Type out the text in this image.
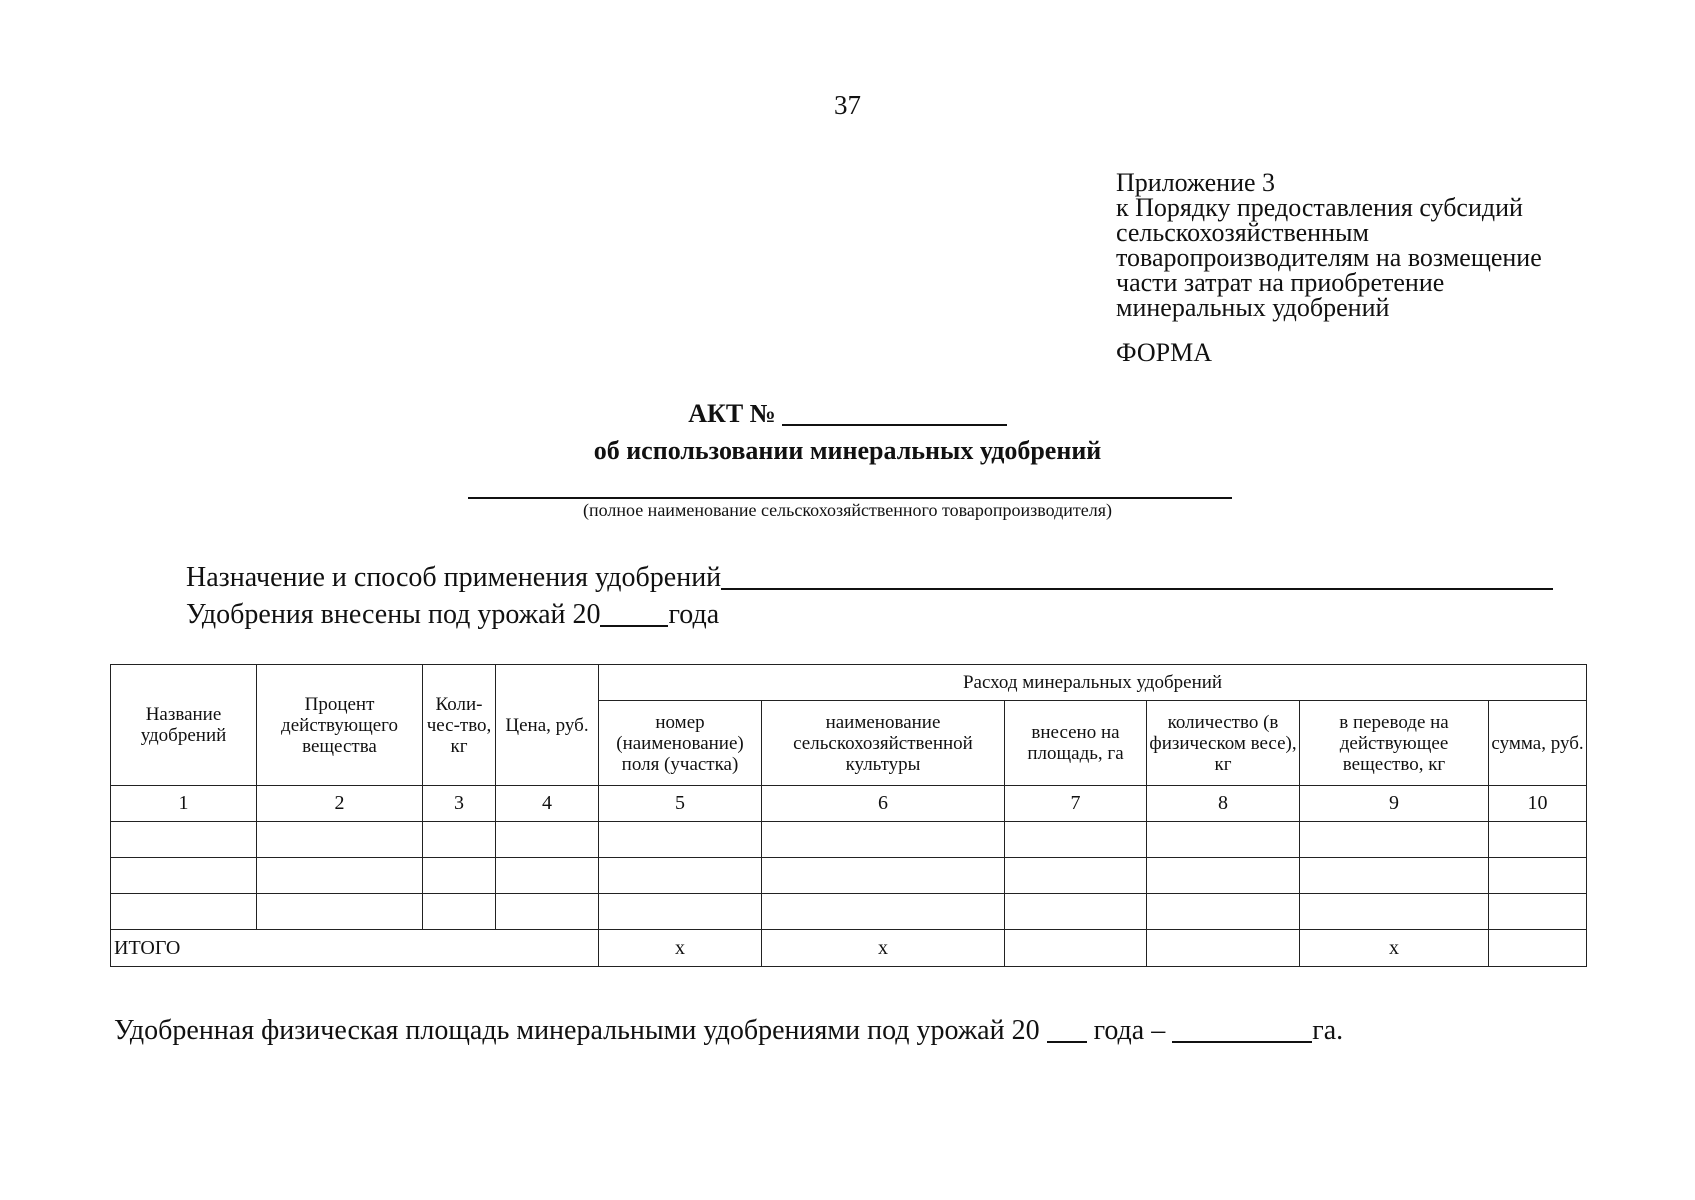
37
Приложение 3
к Порядку предоставления субсидий
сельскохозяйственным
товаропроизводителям на возмещение
части затрат на приобретение
минеральных удобрений
ФОРМА
АКТ №
об использовании минеральных удобрений
(полное наименование сельскохозяйственного товаропроизводителя)
Назначение и способ применения удобрений
Удобрения внесены под урожай 20 года
Название удобрений	Процент действующего вещества	Коли-чес-тво, кг	Цена, руб.	Расход минеральных удобрений					
				номер (наименование) поля (участка)	наименование сельскохозяйственной культуры	внесено на площадь, га	количество (в физическом весе), кг	в переводе на действующее вещество, кг	сумма, руб.
1	2	3	4	5	6	7	8	9	10

ИТОГО				x	x			x	
Удобренная физическая площадь минеральными удобрениями под урожай 20 года –	га.
